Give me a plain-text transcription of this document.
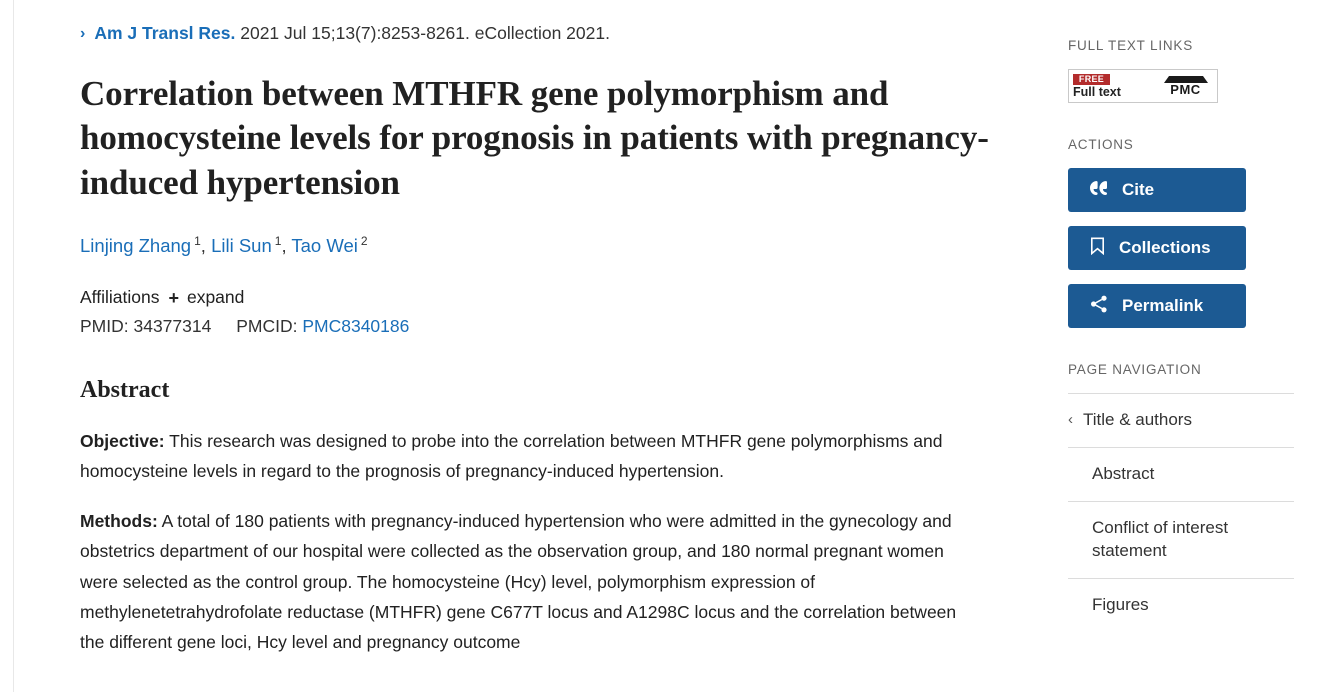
› Am J Transl Res. 2021 Jul 15;13(7):8253-8261. eCollection 2021.
Correlation between MTHFR gene polymorphism and homocysteine levels for prognosis in patients with pregnancy-induced hypertension
Linjing Zhang $^1$, Lili Sun $^1$, Tao Wei $^2$
Affiliations + expand
PMID: 34377314 PMCID: PMC8340186
Abstract

Objective: This research was designed to probe into the correlation between MTHFR gene polymorphisms and homocysteine levels in regard to the prognosis of pregnancy-induced hypertension.

Methods: A total of 180 patients with pregnancy-induced hypertension who were admitted in the gynecology and obstetrics department of our hospital were collected as the observation group, and 180 normal pregnant women were selected as the control group. The homocysteine (Hcy) level, polymorphism expression of methylenetetrahydrofolate reductase (MTHFR) gene C677T locus and A1298C locus and the correlation between the different gene loci, Hcy level and pregnancy outcome

FULL TEXT LINKS
FREE
Full text	PMC
ACTIONS
Cite
Collections
Permalink
PAGE NAVIGATION
‹ Title & authors
Abstract
Conflict of interest statement
Figures
